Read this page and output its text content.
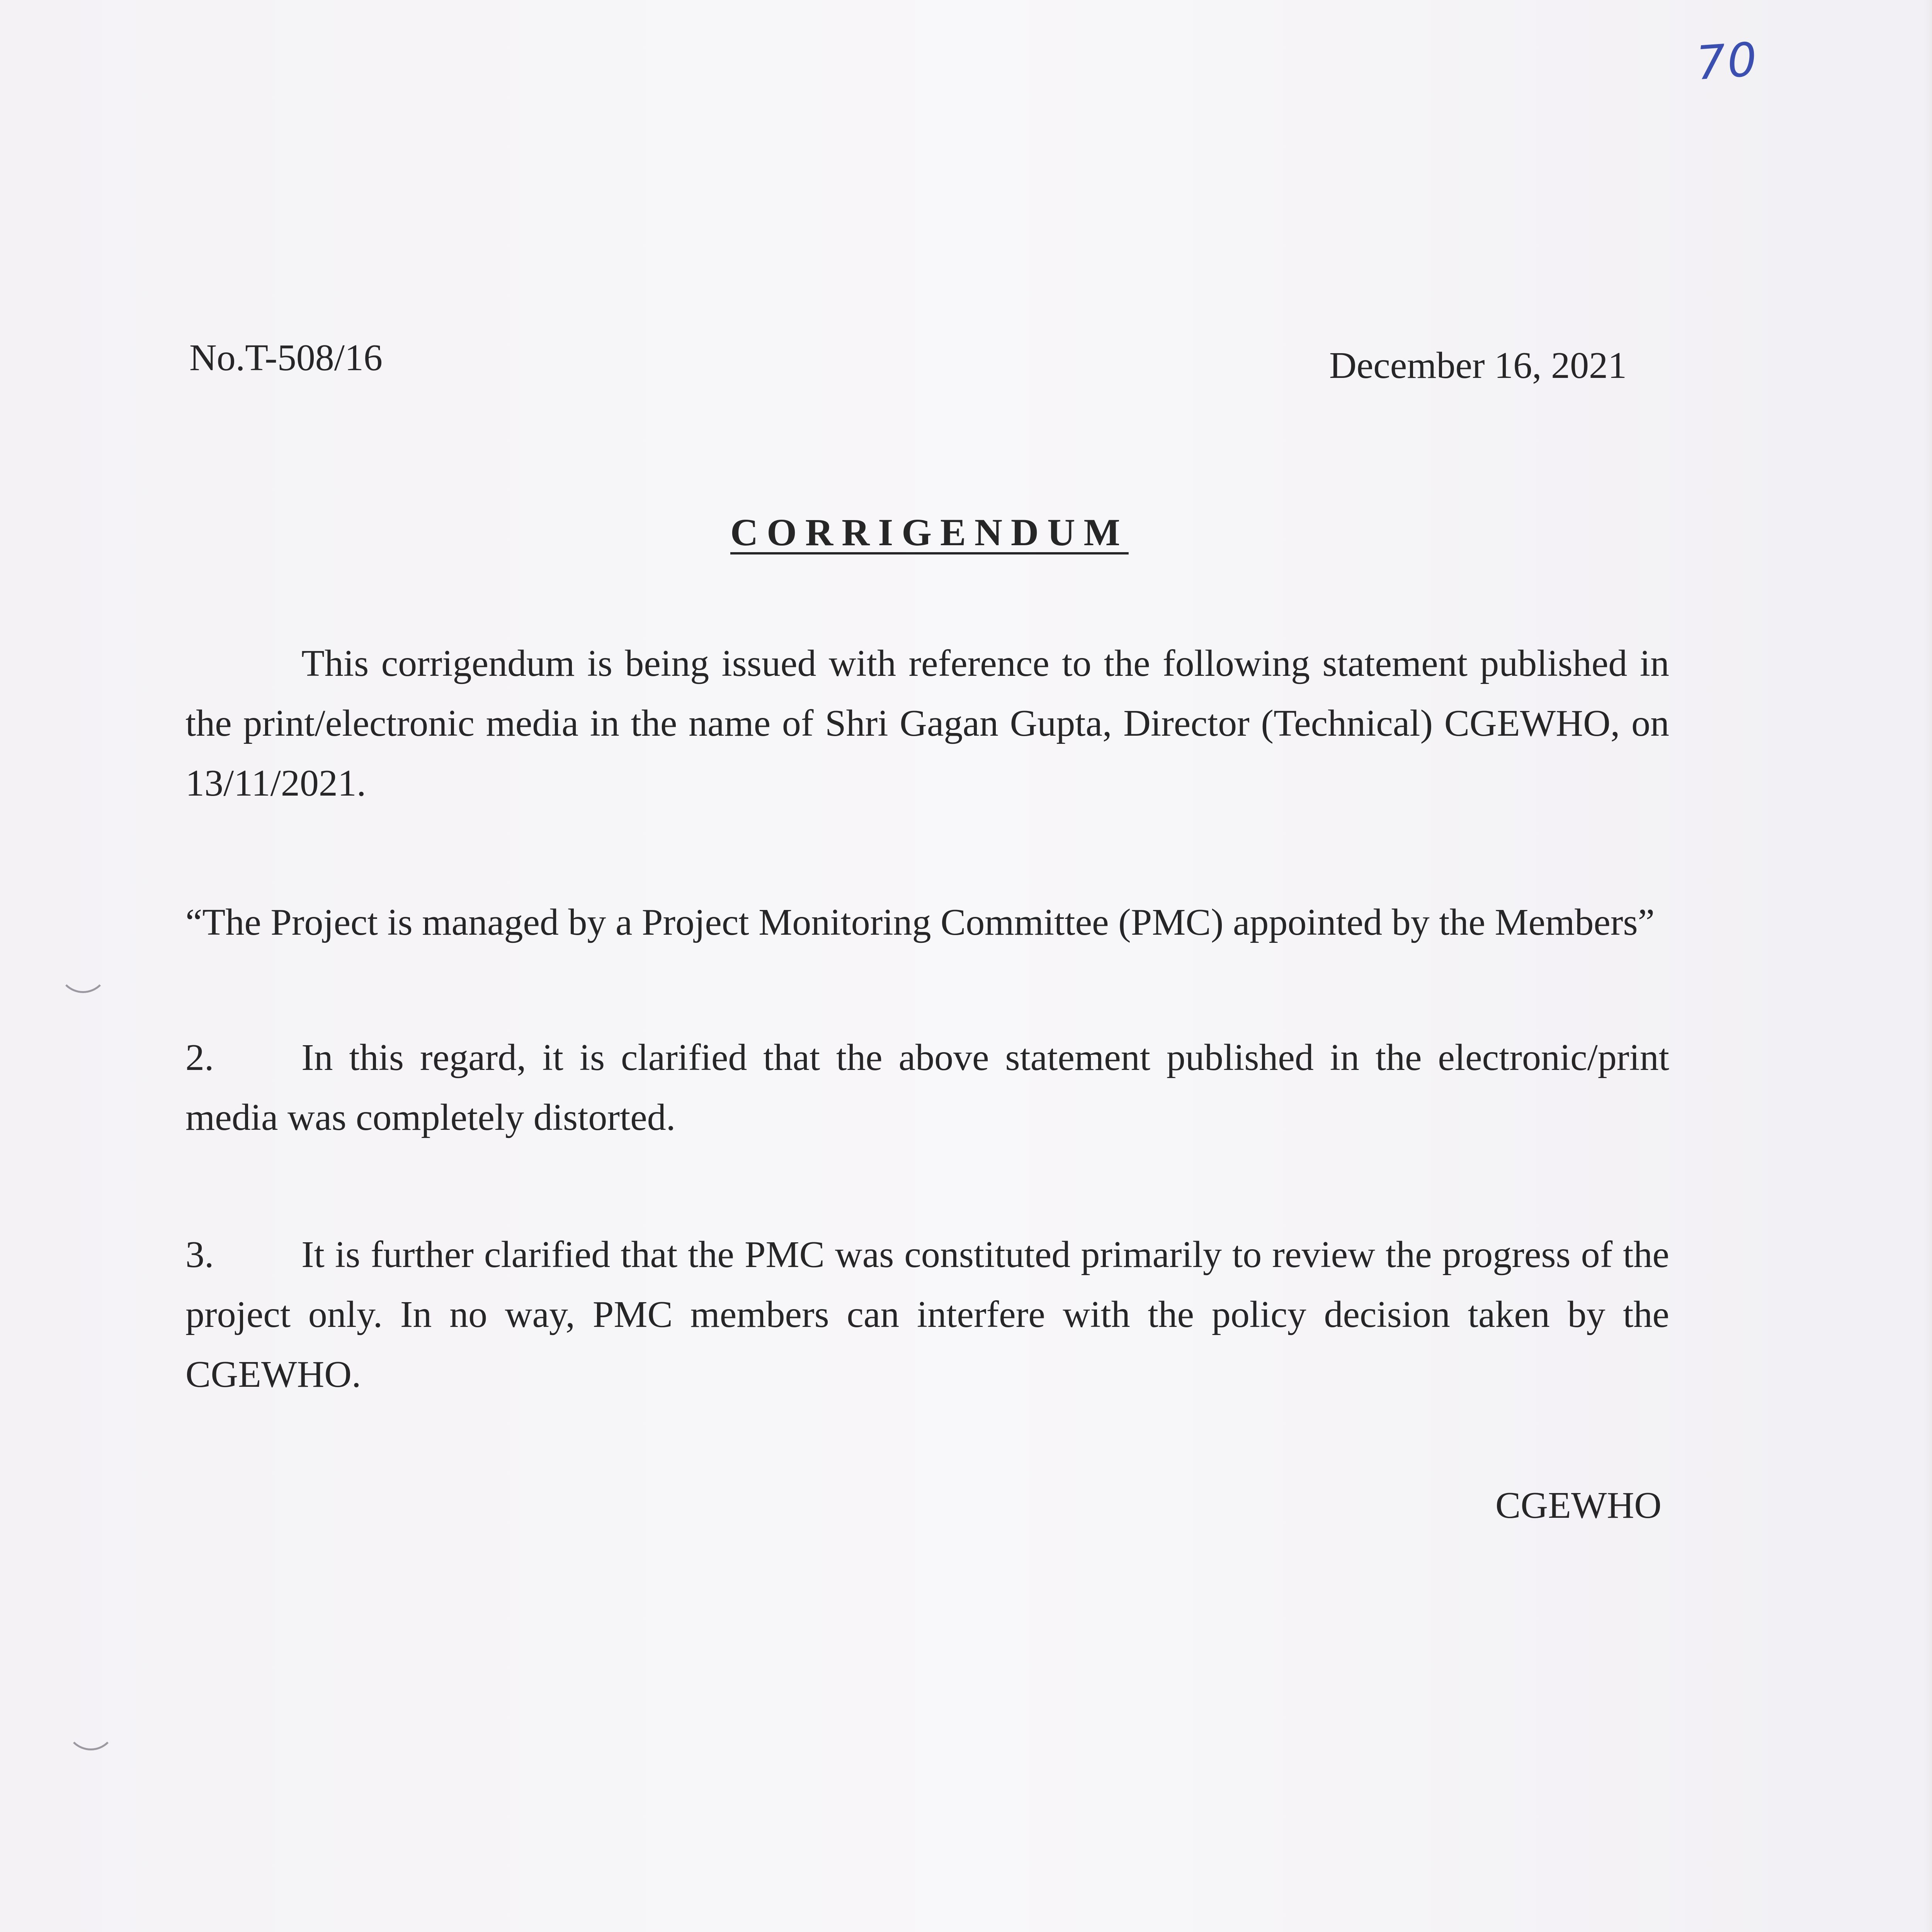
70
No.T-508/16	December 16, 2021
CORRIGENDUM
This corrigendum is being issued with reference to the following statement published in the print/electronic media in the name of Shri Gagan Gupta, Director (Technical) CGEWHO, on 13/11/2021.
“The Project is managed by a Project Monitoring Committee (PMC) appointed by the Members”
2. In this regard, it is clarified that the above statement published in the electronic/print media was completely distorted.
3. It is further clarified that the PMC was constituted primarily to review the progress of the project only. In no way, PMC members can interfere with the policy decision taken by the CGEWHO.
CGEWHO
